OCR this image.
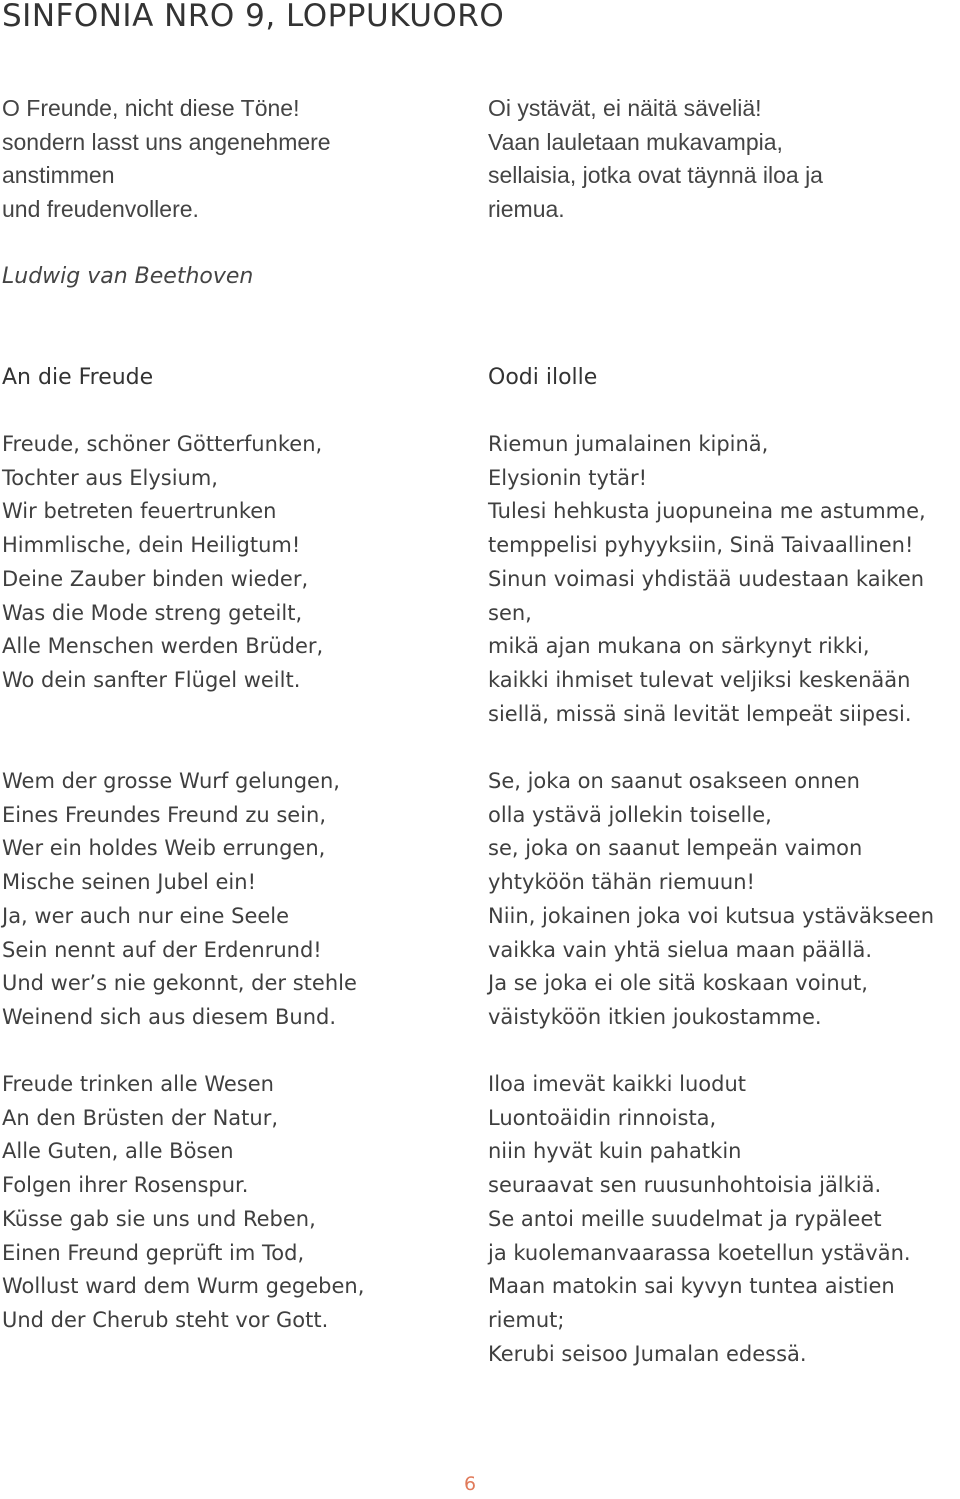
SINFONIA NRO 9, LOPPUKUORO
O Freunde, nicht diese Töne!
sondern lasst uns angenehmere
anstimmen
und freudenvollere.
Oi ystävät, ei näitä säveliä!
Vaan lauletaan mukavampia,
sellaisia, jotka ovat täynnä iloa ja
riemua.
Ludwig van Beethoven
An die Freude	Oodi ilolle
Freude, schöner Götterfunken,
Tochter aus Elysium,
Wir betreten feuertrunken
Himmlische, dein Heiligtum!
Deine Zauber binden wieder,
Was die Mode streng geteilt,
Alle Menschen werden Brüder,
Wo dein sanfter Flügel weilt.
Riemun jumalainen kipinä,
Elysionin tytär!
Tulesi hehkusta juopuneina me astumme,
temppelisi pyhyyksiin, Sinä Taivaallinen!
Sinun voimasi yhdistää uudestaan kaiken
sen,
mikä ajan mukana on särkynyt rikki,
kaikki ihmiset tulevat veljiksi keskenään
siellä, missä sinä levität lempeät siipesi.
Wem der grosse Wurf gelungen,
Eines Freundes Freund zu sein,
Wer ein holdes Weib errungen,
Mische seinen Jubel ein!
Ja, wer auch nur eine Seele
Sein nennt auf der Erdenrund!
Und wer’s nie gekonnt, der stehle
Weinend sich aus diesem Bund.
Se, joka on saanut osakseen onnen
olla ystävä jollekin toiselle,
se, joka on saanut lempeän vaimon
yhtyköön tähän riemuun!
Niin, jokainen joka voi kutsua ystäväkseen
vaikka vain yhtä sielua maan päällä.
Ja se joka ei ole sitä koskaan voinut,
väistyköön itkien joukostamme.
Freude trinken alle Wesen
An den Brüsten der Natur,
Alle Guten, alle Bösen
Folgen ihrer Rosenspur.
Küsse gab sie uns und Reben,
Einen Freund geprüft im Tod,
Wollust ward dem Wurm gegeben,
Und der Cherub steht vor Gott.
Iloa imevät kaikki luodut
Luontoäidin rinnoista,
niin hyvät kuin pahatkin
seuraavat sen ruusunhohtoisia jälkiä.
Se antoi meille suudelmat ja rypäleet
ja kuolemanvaarassa koetellun ystävän.
Maan matokin sai kyvyn tuntea aistien
riemut;
Kerubi seisoo Jumalan edessä.
6
